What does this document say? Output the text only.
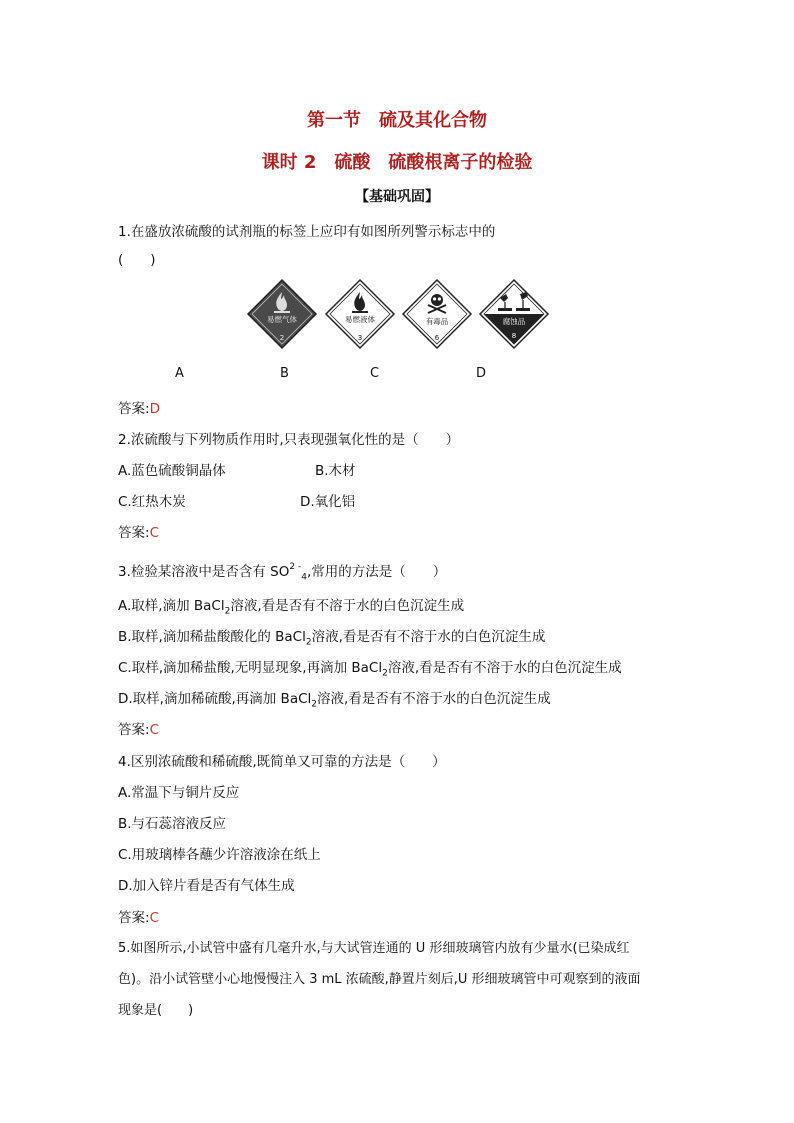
第一节　硫及其化合物
课时 2　硫酸　硫酸根离子的检验
【基础巩固】
1.在盛放浓硫酸的试剂瓶的标签上应印有如图所列警示标志中的
(　　)
易燃气体
2
易燃液体
3
有毒品
6
腐蚀品
8
A	B	C	D
答案:D
2.浓硫酸与下列物质作用时,只表现强氧化性的是（　　）
A.蓝色硫酸铜晶体	B.木材
C.红热木炭	D.氧化铝
答案:C
3.检验某溶液中是否含有 $SO^{2 -}_4$,常用的方法是（　　）
A.取样,滴加 BaCl$_2$溶液,看是否有不溶于水的白色沉淀生成
B.取样,滴加稀盐酸酸化的 BaCl$_2$溶液,看是否有不溶于水的白色沉淀生成
C.取样,滴加稀盐酸,无明显现象,再滴加 BaCl$_2$溶液,看是否有不溶于水的白色沉淀生成
D.取样,滴加稀硫酸,再滴加 BaCl$_2$溶液,看是否有不溶于水的白色沉淀生成
答案:C
4.区别浓硫酸和稀硫酸,既简单又可靠的方法是（　　）
A.常温下与铜片反应
B.与石蕊溶液反应
C.用玻璃棒各蘸少许溶液涂在纸上
D.加入锌片看是否有气体生成
答案:C
5.如图所示,小试管中盛有几毫升水,与大试管连通的 U 形细玻璃管内放有少量水(已染成红
色)。沿小试管壁小心地慢慢注入 3 mL 浓硫酸,静置片刻后,U 形细玻璃管中可观察到的液面
现象是(　　)
